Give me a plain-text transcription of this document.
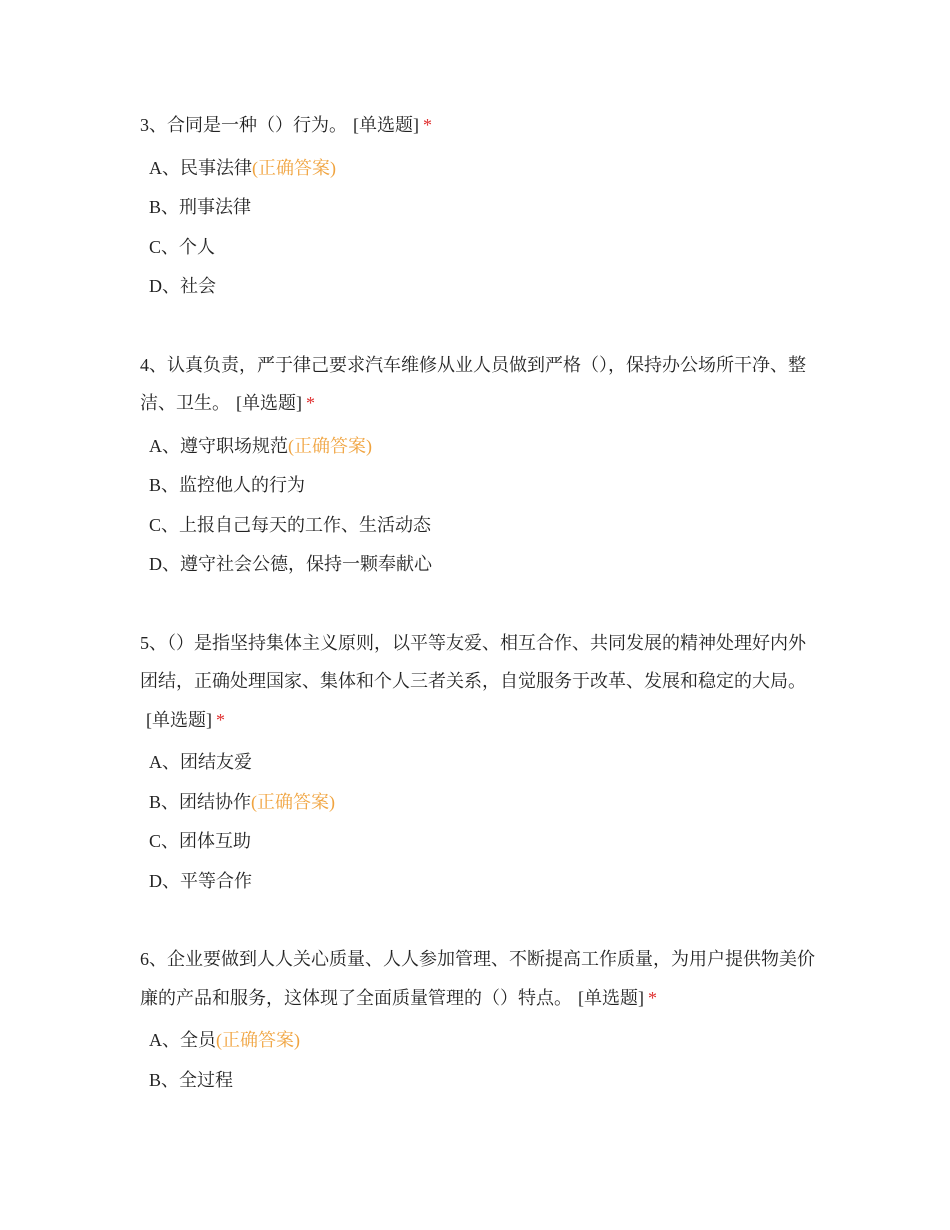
3、合同是一种（）行为。 [单选题] *

A、民事法律(正确答案)
B、刑事法律
C、个人
D、社会

4、认真负责，严于律己要求汽车维修从业人员做到严格（），保持办公场所干净、整洁、卫生。 [单选题] *

A、遵守职场规范(正确答案)
B、监控他人的行为
C、上报自己每天的工作、生活动态
D、遵守社会公德，保持一颗奉献心

5、（）是指坚持集体主义原则，以平等友爱、相互合作、共同发展的精神处理好内外团结，正确处理国家、集体和个人三者关系，自觉服务于改革、发展和稳定的大局。[单选题] *

A、团结友爱
B、团结协作(正确答案)
C、团体互助
D、平等合作

6、企业要做到人人关心质量、人人参加管理、不断提高工作质量，为用户提供物美价廉的产品和服务，这体现了全面质量管理的（）特点。 [单选题] *

A、全员(正确答案)
B、全过程
